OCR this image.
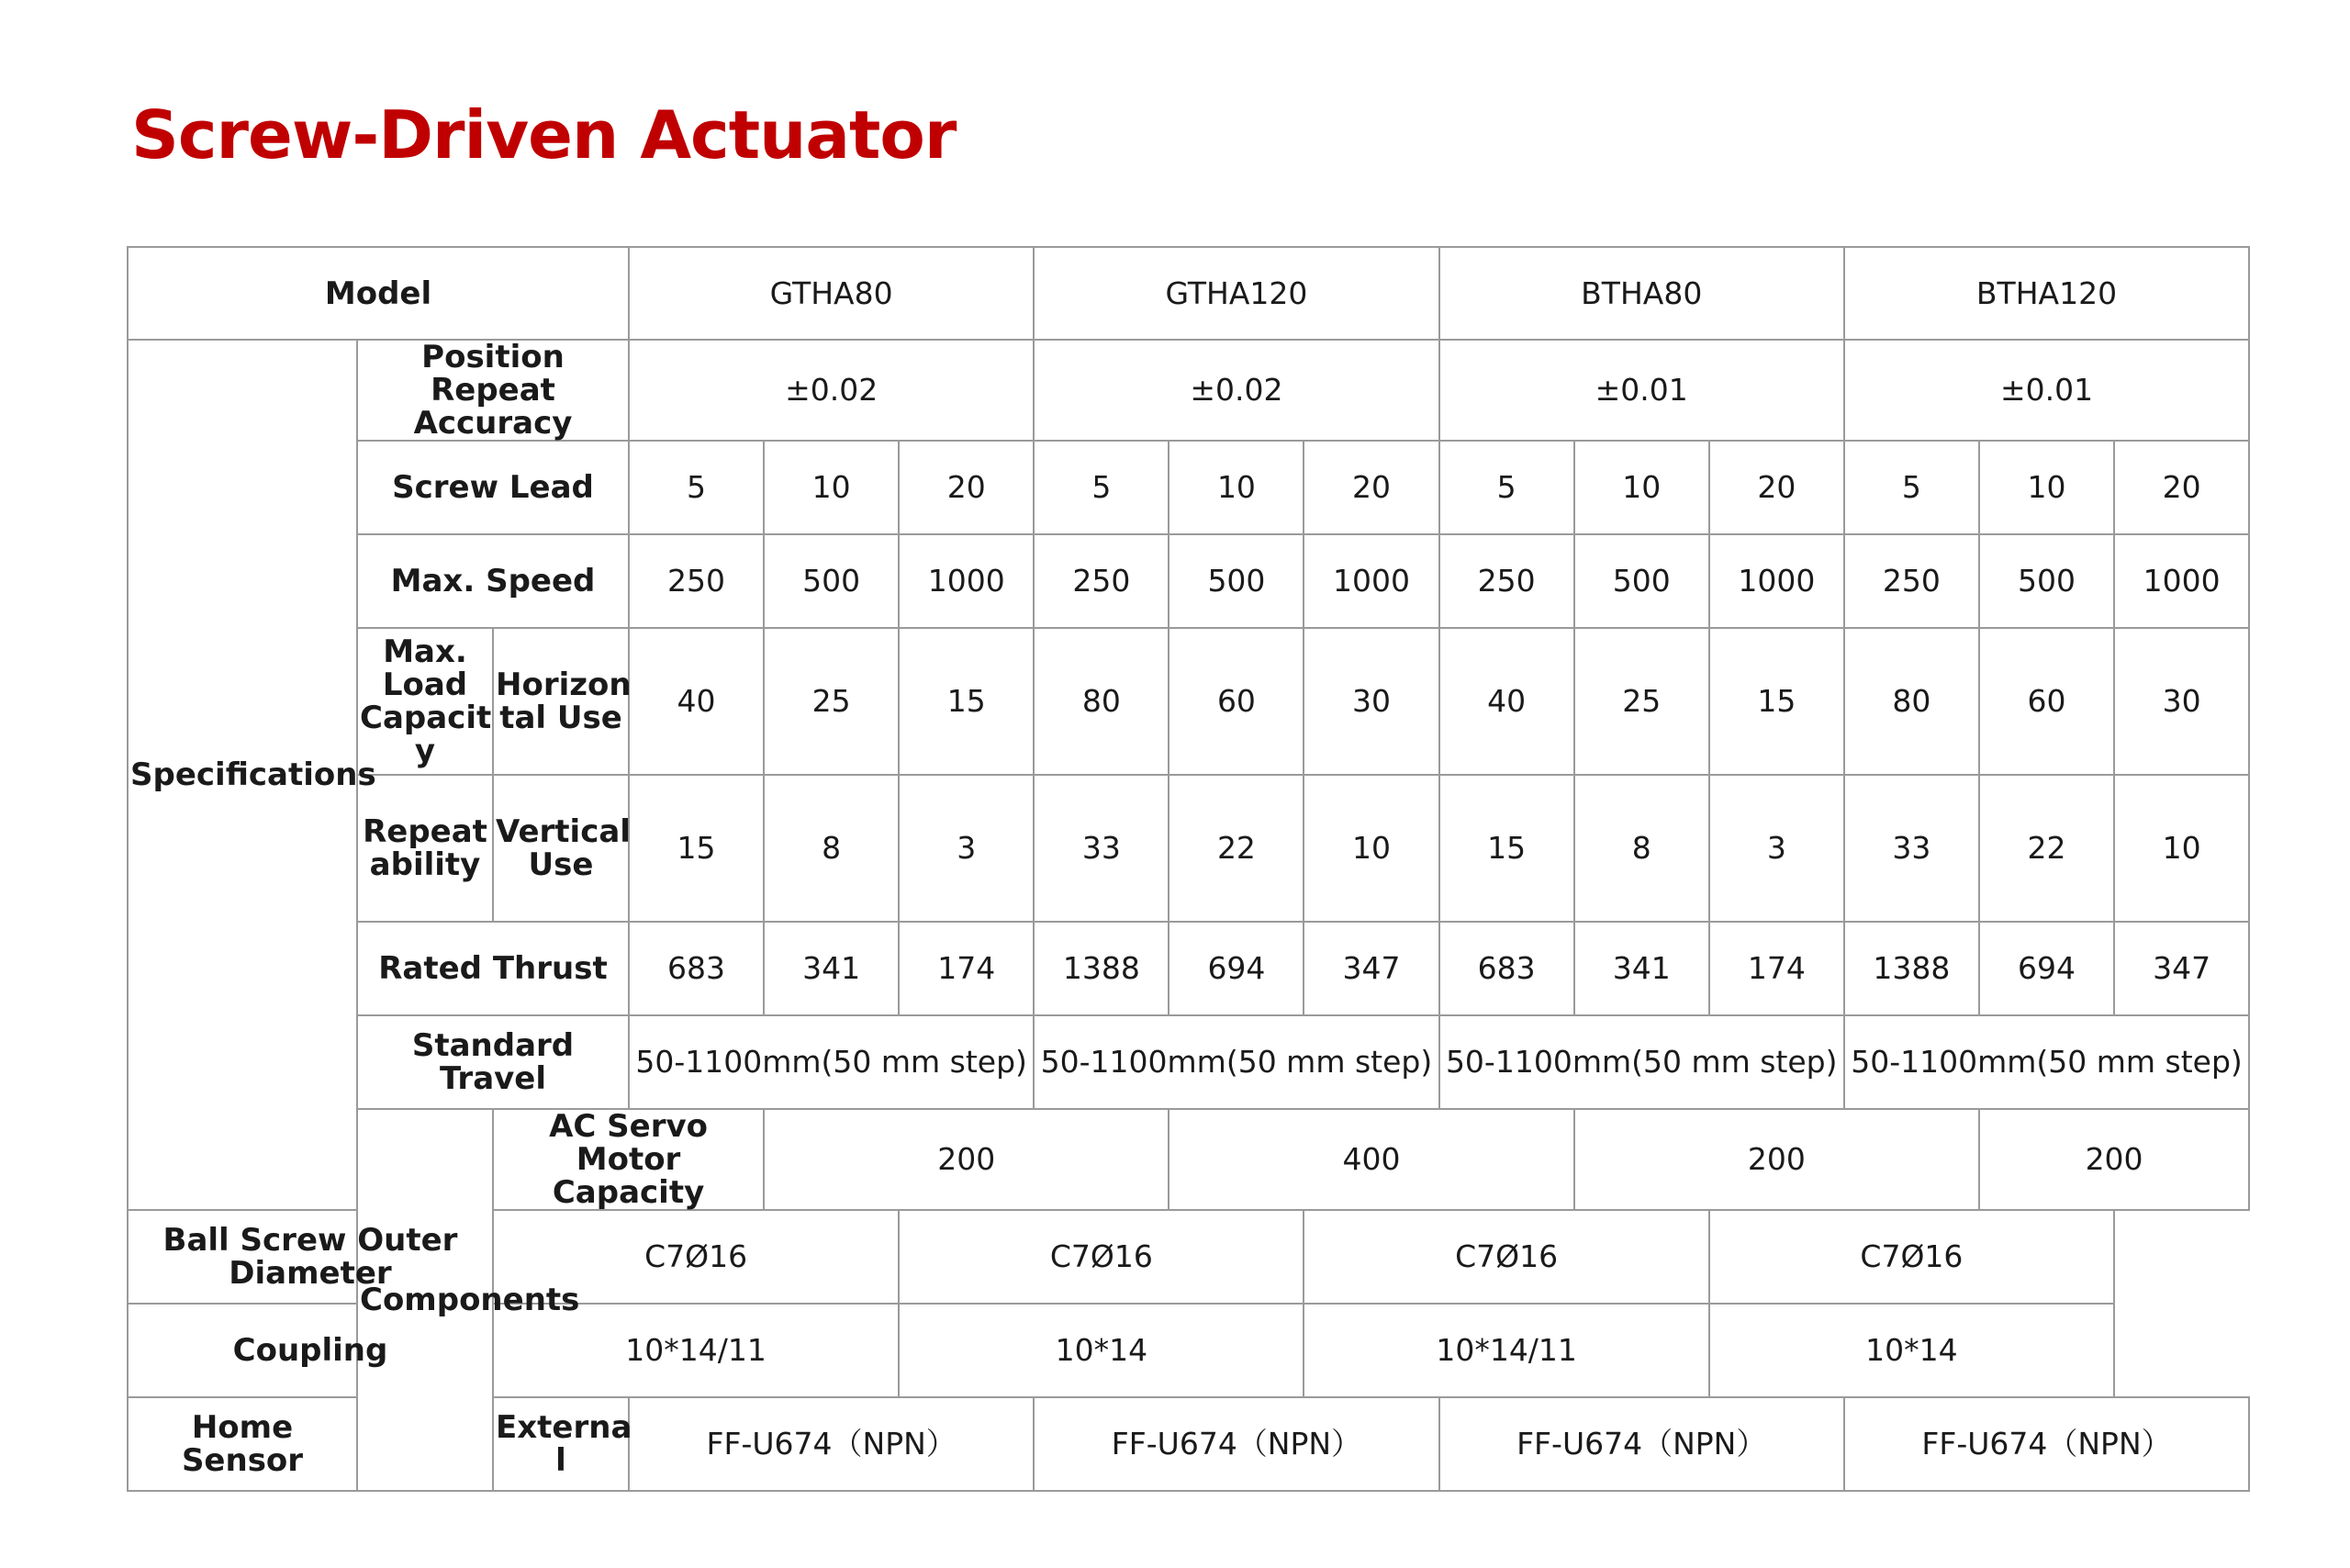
Screw-Driven Actuator
Model			GTHA80			GTHA120			BTHA80			BTHA120		
Specifications	Position Repeat Accuracy		±0.02			±0.02			±0.01			±0.01		
	Screw Lead		5	10	20	5	10	20	5	10	20	5	10	20
	Max. Speed		250	500	1000	250	500	1000	250	500	1000	250	500	1000
	Max. Load Capacit y	Horizon tal Use	40	25	15	80	60	30	40	25	15	80	60	30
	Repeat ability	Vertical Use	15	8	3	33	22	10	15	8	3	33	22	10
	Rated Thrust		683	341	174	1388	694	347	683	341	174	1388	694	347
	Standard Travel		50-1100mm(50 mm step)			50-1100mm(50 mm step)			50-1100mm(50 mm step)			50-1100mm(50 mm step)		
	Components	AC Servo Motor Capacity		200			400			200			200	
Ball Screw Outer Diameter		C7Ø16			C7Ø16			C7Ø16			C7Ø16			
Coupling		10*14/11			10*14			10*14/11			10*14			
Home Sensor		Externa l	FF-U674（NPN）			FF-U674（NPN）			FF-U674（NPN）			FF-U674（NPN）		
